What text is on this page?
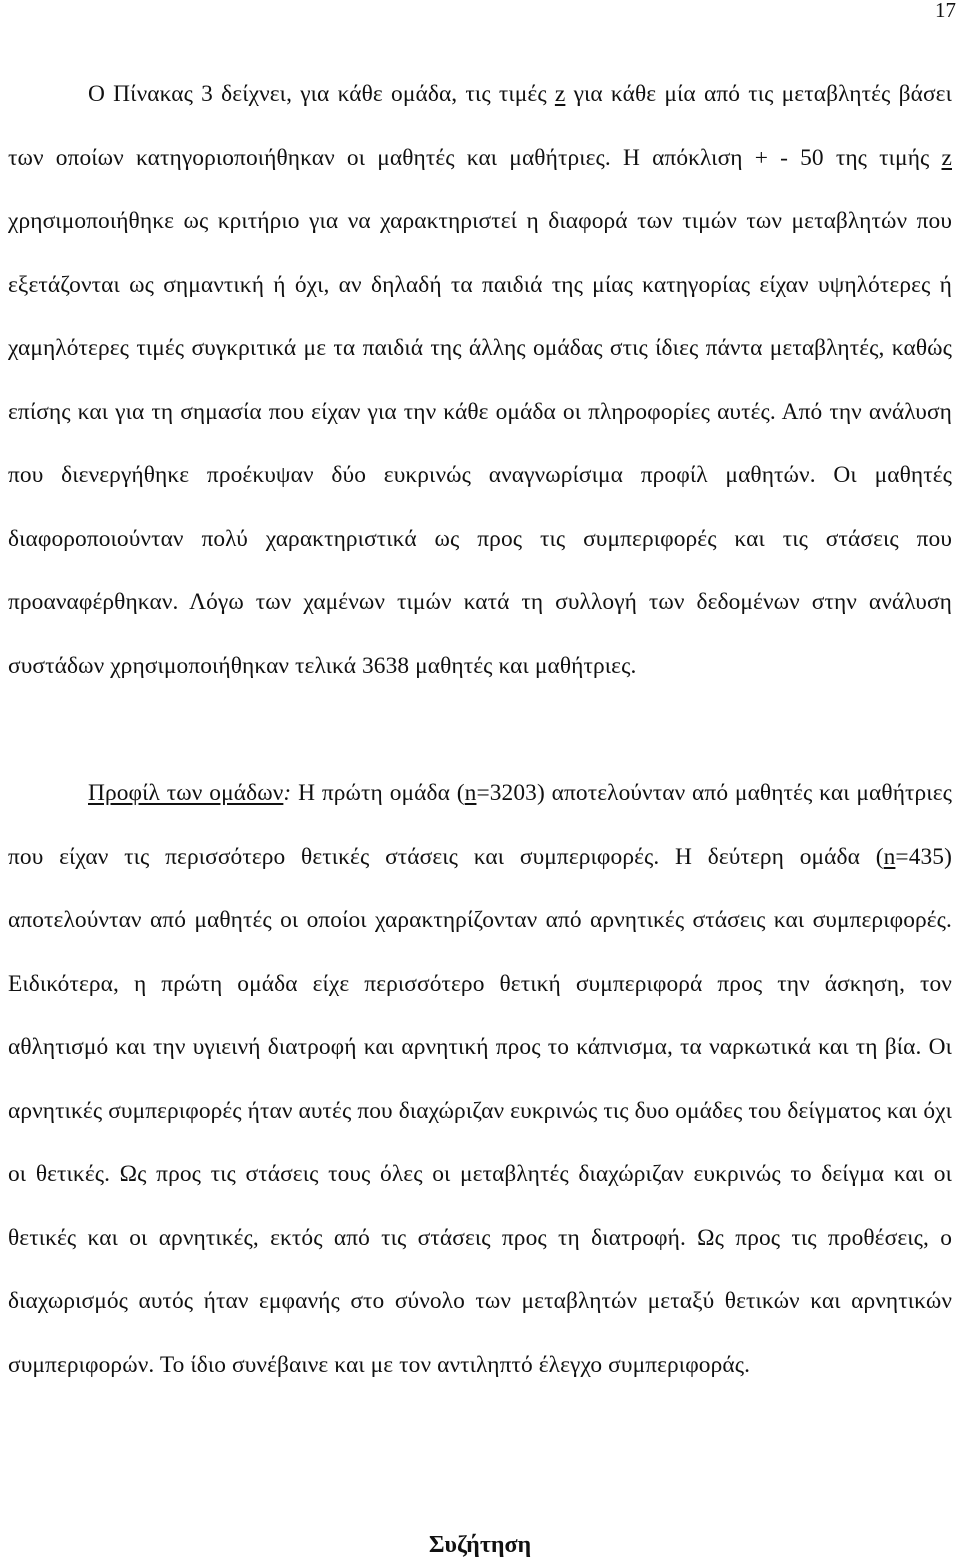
17

Ο Πίνακας 3 δείχνει, για κάθε ομάδα, τις τιμές z για κάθε μία από τις μεταβλητές βάσει των οποίων κατηγοριοποιήθηκαν οι μαθητές και μαθήτριες. Η απόκλιση + - 50 της τιμής z χρησιμοποιήθηκε ως κριτήριο για να χαρακτηριστεί η διαφορά των τιμών των μεταβλητών που εξετάζονται ως σημαντική ή όχι, αν δηλαδή τα παιδιά της μίας κατηγορίας είχαν υψηλότερες ή χαμηλότερες τιμές συγκριτικά με τα παιδιά της άλλης ομάδας στις ίδιες πάντα μεταβλητές, καθώς επίσης και για τη σημασία που είχαν για την κάθε ομάδα οι πληροφορίες αυτές. Από την ανάλυση που διενεργήθηκε προέκυψαν δύο ευκρινώς αναγνωρίσιμα προφίλ μαθητών. Οι μαθητές διαφοροποιούνταν πολύ χαρακτηριστικά ως προς τις συμπεριφορές και τις στάσεις που προαναφέρθηκαν. Λόγω των χαμένων τιμών κατά τη συλλογή των δεδομένων στην ανάλυση συστάδων χρησιμοποιήθηκαν τελικά 3638 μαθητές και μαθήτριες.

Προφίλ των ομάδων: Η πρώτη ομάδα (n=3203) αποτελούνταν από μαθητές και μαθήτριες που είχαν τις περισσότερο θετικές στάσεις και συμπεριφορές. Η δεύτερη ομάδα (n=435) αποτελούνταν από μαθητές οι οποίοι χαρακτηρίζονταν από αρνητικές στάσεις και συμπεριφορές. Ειδικότερα, η πρώτη ομάδα είχε περισσότερο θετική συμπεριφορά προς την άσκηση, τον αθλητισμό και την υγιεινή διατροφή και αρνητική προς το κάπνισμα, τα ναρκωτικά και τη βία. Οι αρνητικές συμπεριφορές ήταν αυτές που διαχώριζαν ευκρινώς τις δυο ομάδες του δείγματος και όχι οι θετικές. Ως προς τις στάσεις τους όλες οι μεταβλητές διαχώριζαν ευκρινώς το δείγμα και οι θετικές και οι αρνητικές, εκτός από τις στάσεις προς τη διατροφή. Ως προς τις προθέσεις, ο διαχωρισμός αυτός ήταν εμφανής στο σύνολο των μεταβλητών μεταξύ θετικών και αρνητικών συμπεριφορών. Το ίδιο συνέβαινε και με τον αντιληπτό έλεγχο συμπεριφοράς.

Συζήτηση
